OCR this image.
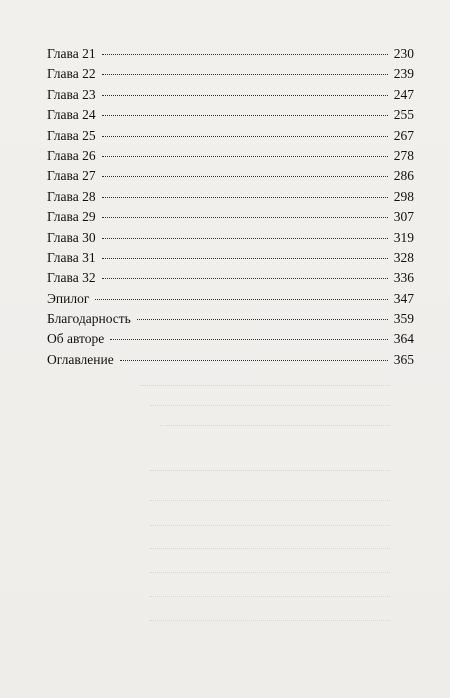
Глава 21	230
Глава 22	239
Глава 23	247
Глава 24	255
Глава 25	267
Глава 26	278
Глава 27	286
Глава 28	298
Глава 29	307
Глава 30	319
Глава 31	328
Глава 32	336
Эпилог	347
Благодарность	359
Об авторе	364
Оглавление	365
